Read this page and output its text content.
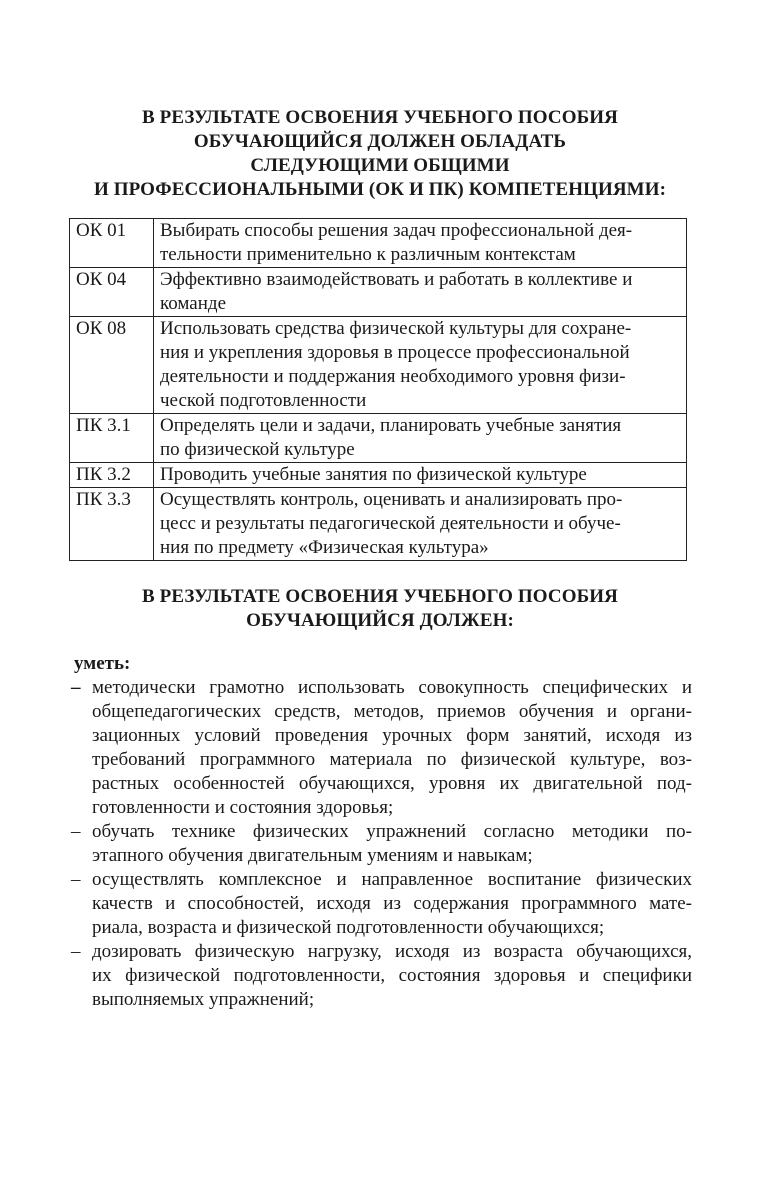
В РЕЗУЛЬТАТЕ ОСВОЕНИЯ УЧЕБНОГО ПОСОБИЯ
ОБУЧАЮЩИЙСЯ ДОЛЖЕН ОБЛАДАТЬ
СЛЕДУЮЩИМИ ОБЩИМИ
И ПРОФЕССИОНАЛЬНЫМИ (ОК И ПК) КОМПЕТЕНЦИЯМИ:
ОК 01	Выбирать способы решения задач профессиональной дея-
тельности применительно к различным контекстам

ОК 04	Эффективно взаимодействовать и работать в коллективе и
команде

ОК 08	Использовать средства физической культуры для сохране-
ния и укрепления здоровья в процессе профессиональной
деятельности и поддержания необходимого уровня физи-
ческой подготовленности

ПК 3.1	Определять цели и задачи, планировать учебные занятия
по физической культуре

ПК 3.2	Проводить учебные занятия по физической культуре

ПК 3.3	Осуществлять контроль, оценивать и анализировать про-
цесс и результаты педагогической деятельности и обуче-
ния по предмету «Физическая культура»
В РЕЗУЛЬТАТЕ ОСВОЕНИЯ УЧЕБНОГО ПОСОБИЯ
ОБУЧАЮЩИЙСЯ ДОЛЖЕН:
уметь:
– методически грамотно использовать совокупность специфических и
общепедагогических средств, методов, приемов обучения и органи-
зационных условий проведения урочных форм занятий, исходя из
требований программного материала по физической культуре, воз-
растных особенностей обучающихся, уровня их двигательной под-
готовленности и состояния здоровья;
– обучать технике физических упражнений согласно методики по-
этапного обучения двигательным умениям и навыкам;
– осуществлять комплексное и направленное воспитание физических
качеств и способностей, исходя из содержания программного мате-
риала, возраста и физической подготовленности обучающихся;
– дозировать физическую нагрузку, исходя из возраста обучающихся,
их физической подготовленности, состояния здоровья и специфики
выполняемых упражнений;
